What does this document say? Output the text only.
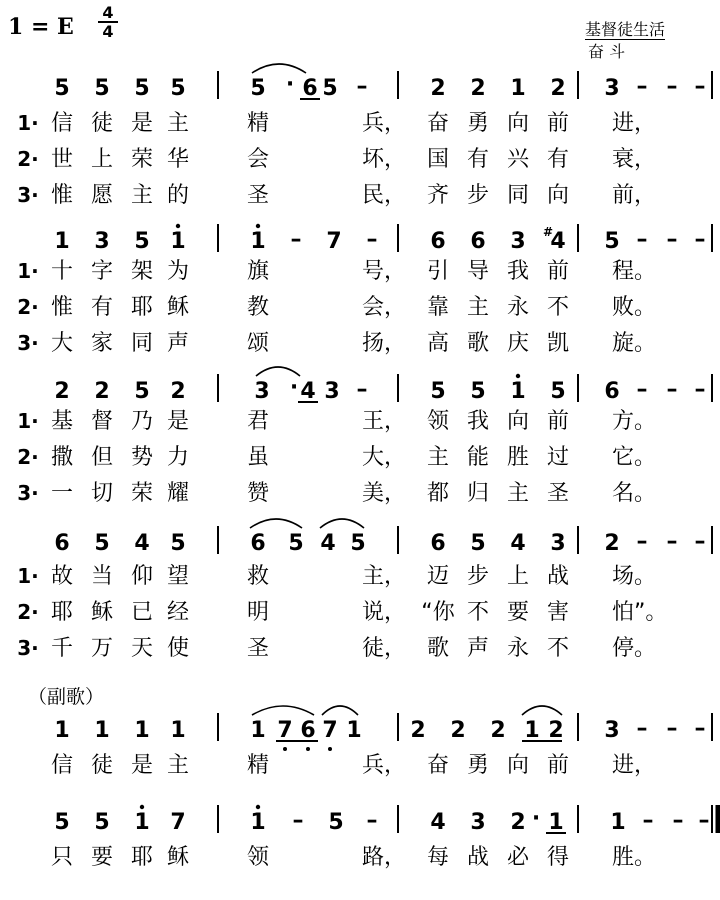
1 = E $\frac{4}{4}$	基督徒生活
奋 斗
（副歌）
5 5 5 5	5 · 6 5 –	2 2 1 2 3 – – –
1· 信 徒 是 主	精	兵， 奋 勇 向 前 进，
2· 世 上 荣 华	会	坏， 国 有 兴 有 衰，
3· 惟 愿 主 的	圣	民， 齐 步 同 向 前，
1 3 5 1	1 – 7 – 6 6 3 4
# 5 – – –
1· 十 字 架 为	旗	号， 引 导 我 前 程。
2· 惟 有 耶 稣	教	会， 靠 主 永 不 败。
3· 大 家 同 声	颂	扬， 高 歌 庆 凯 旋。
2 2 5 2	3 · 4 3 –	5 5 1 5 6 – – –
1· 基 督 乃 是	君	王， 领 我 向 前 方。
2· 撒 但 势 力	虽	大， 主 能 胜 过 它。
3· 一 切 荣 耀	赞	美， 都 归 主 圣 名。
6 5 4 5	6 5 4 5	6 5 4 3 2 – – –
1· 故 当 仰 望	救	主， 迈 步 上 战 场。
2· 耶 稣 已 经	明	说， “你 不 要 害 怕”。
3· 千 万 天 使	圣	徒， 歌 声 永 不 停。
1 1 1 1	1 7 6 7 1 2 2 2 1 2 3 – – –
信 徒 是 主	精	兵， 奋 勇 向 前 进，
5 5 1 7	1 – 5 – 4 3 2 · 1 1 – – –
只 要 耶 稣	领	路， 每 战 必 得 胜。
